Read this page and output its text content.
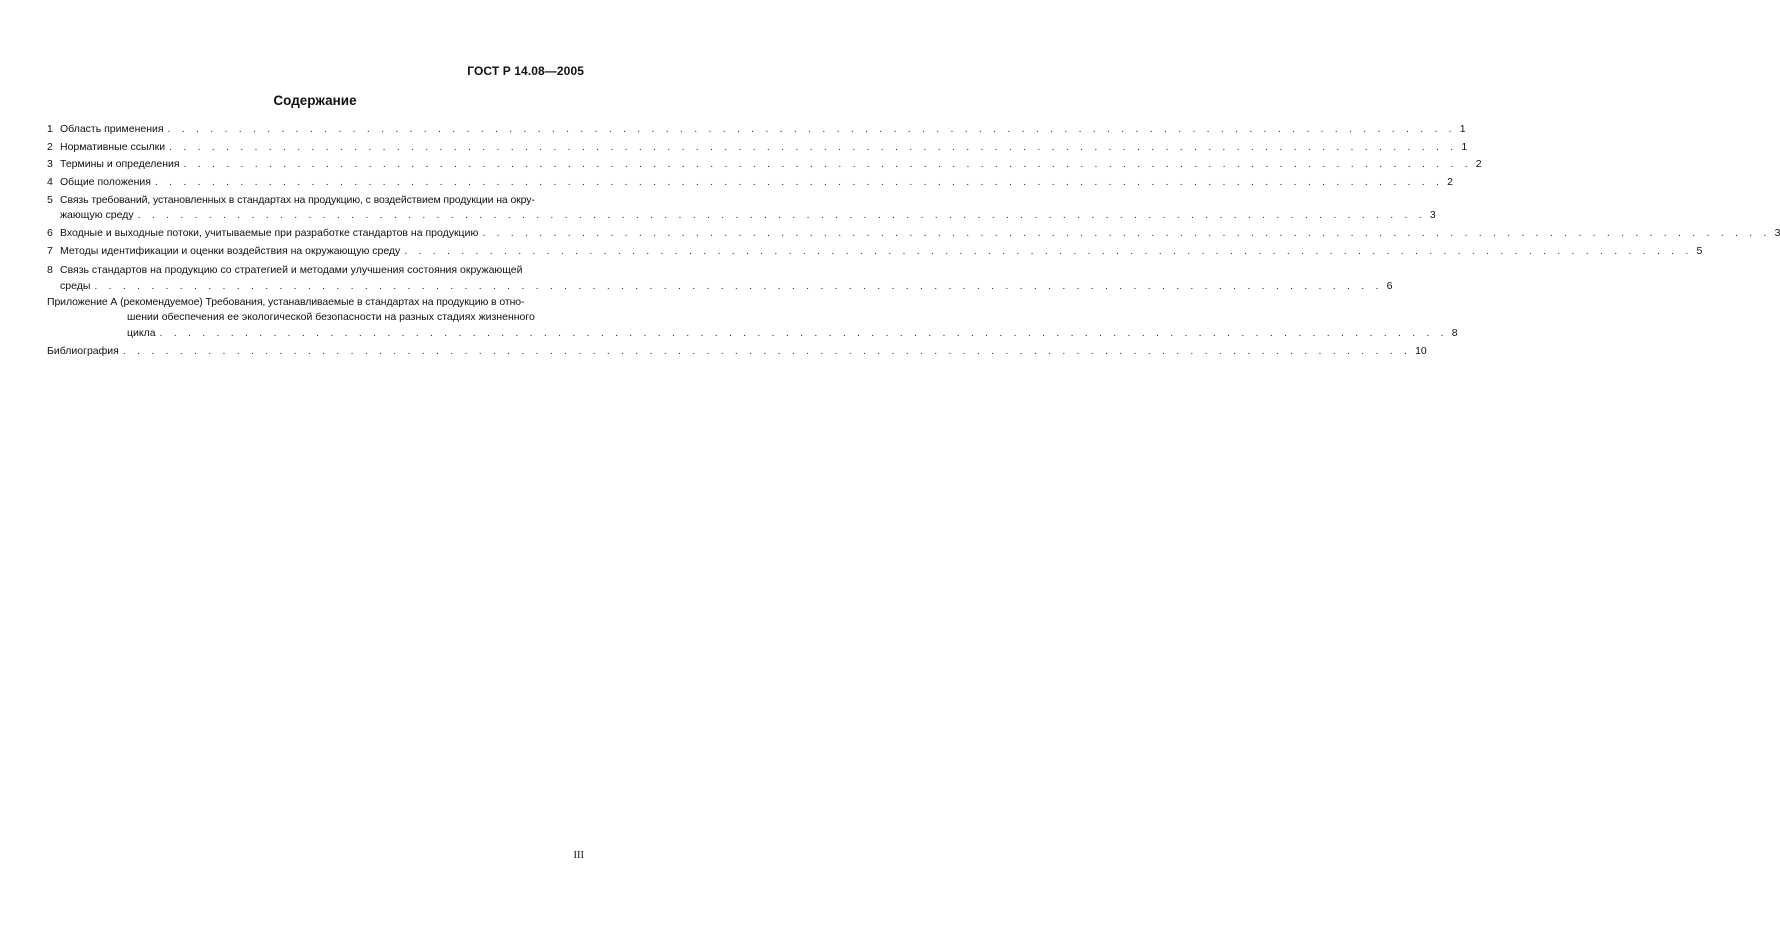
ГОСТ Р 14.08—2005
Содержание
1 Область применения . . . . . . . . . . . . . . . . . . . . . . . . . . . . . . . . . . . . . . . . . . . . . . . . . . . . . . . . . . . . . . . . . . . . . . . . . . . . . . . . . . . . . . . . . . . 1
2 Нормативные ссылки . . . . . . . . . . . . . . . . . . . . . . . . . . . . . . . . . . . . . . . . . . . . . . . . . . . . . . . . . . . . . . . . . . . . . . . . . . . . . . . . . . . . . . . . . . . 1
3 Термины и определения . . . . . . . . . . . . . . . . . . . . . . . . . . . . . . . . . . . . . . . . . . . . . . . . . . . . . . . . . . . . . . . . . . . . . . . . . . . . . . . . . . . . . . . . . . . 2
4 Общие положения . . . . . . . . . . . . . . . . . . . . . . . . . . . . . . . . . . . . . . . . . . . . . . . . . . . . . . . . . . . . . . . . . . . . . . . . . . . . . . . . . . . . . . . . . . . 2
5 Связь требований, установленных в стандартах на продукцию, с воздействием продукции на окру-
жающую среду . . . . . . . . . . . . . . . . . . . . . . . . . . . . . . . . . . . . . . . . . . . . . . . . . . . . . . . . . . . . . . . . . . . . . . . . . . . . . . . . . . . . . . . . . . . 3
6 Входные и выходные потоки, учитываемые при разработке стандартов на продукцию . . . . . . . . . . . . . . . . . . . . . . . . . . . . . . . . . . . . . . . . . . . . . . . . . . . . . . . . . . . . . . . . . . . . . . . . . . . . . . . . . . . . . . . . . . . 3
7 Методы идентификации и оценки воздействия на окружающую среду . . . . . . . . . . . . . . . . . . . . . . . . . . . . . . . . . . . . . . . . . . . . . . . . . . . . . . . . . . . . . . . . . . . . . . . . . . . . . . . . . . . . . . . . . . . 5
8 Связь стандартов на продукцию со стратегией и методами улучшения состояния окружающей
среды . . . . . . . . . . . . . . . . . . . . . . . . . . . . . . . . . . . . . . . . . . . . . . . . . . . . . . . . . . . . . . . . . . . . . . . . . . . . . . . . . . . . . . . . . . . 6
Приложение А (рекомендуемое) Требования, устанавливаемые в стандартах на продукцию в отно-
шении обеспечения ее экологической безопасности на разных стадиях жизненного
цикла . . . . . . . . . . . . . . . . . . . . . . . . . . . . . . . . . . . . . . . . . . . . . . . . . . . . . . . . . . . . . . . . . . . . . . . . . . . . . . . . . . . . . . . . . . . 8
Библиография . . . . . . . . . . . . . . . . . . . . . . . . . . . . . . . . . . . . . . . . . . . . . . . . . . . . . . . . . . . . . . . . . . . . . . . . . . . . . . . . . . . . . . . . . . . 10
III
